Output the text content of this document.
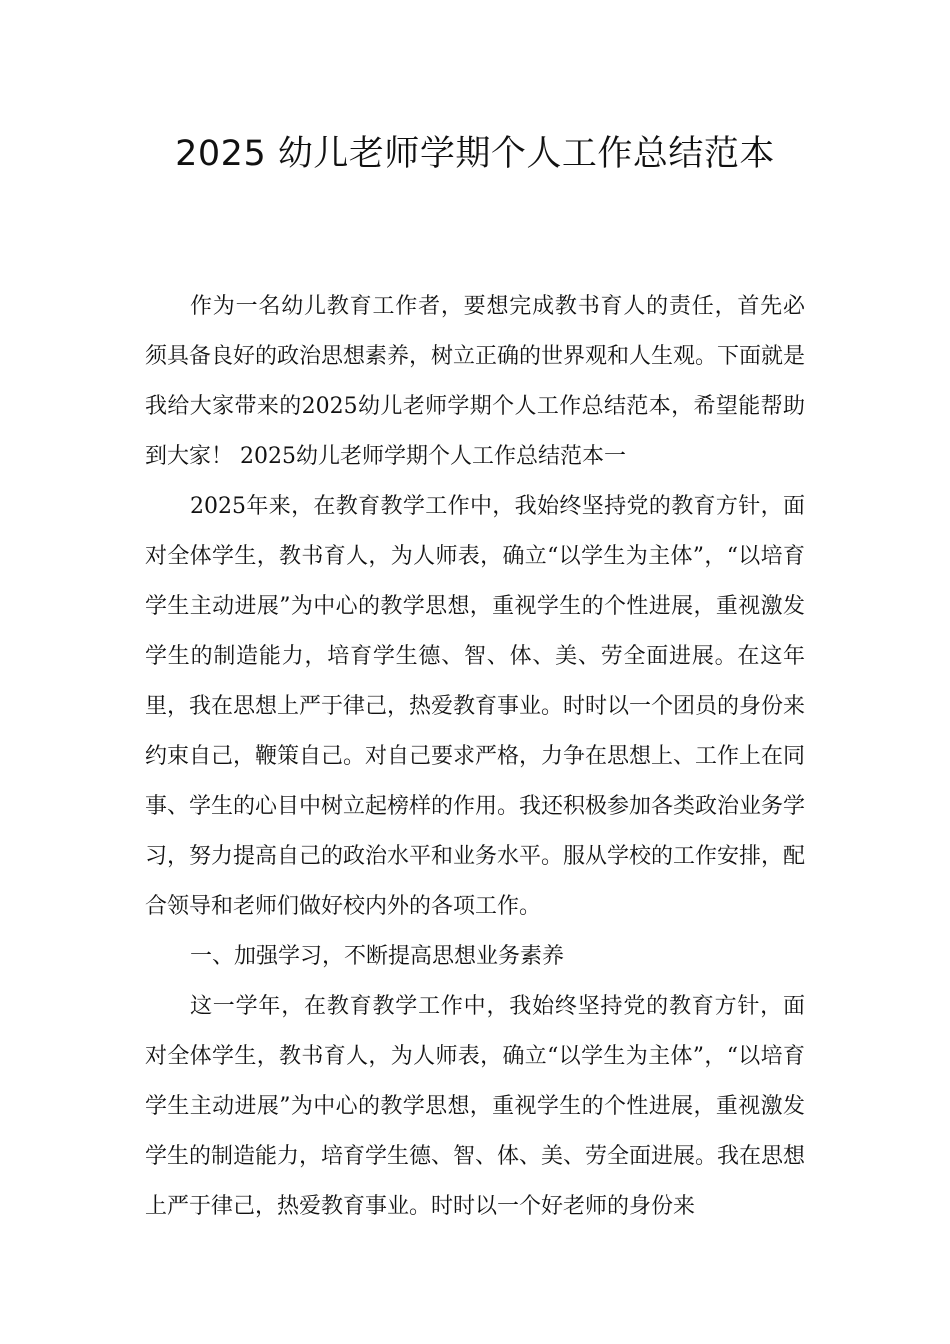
2025 幼儿老师学期个人工作总结范本

作为一名幼儿教育工作者，要想完成教书育人的责任，首先必须具备良好的政治思想素养，树立正确的世界观和人生观。下面就是我给大家带来的2025幼儿老师学期个人工作总结范本，希望能帮助到大家！ 2025幼儿老师学期个人工作总结范本一

2025年来，在教育教学工作中，我始终坚持党的教育方针，面对全体学生，教书育人，为人师表，确立“以学生为主体”，“以培育学生主动进展”为中心的教学思想，重视学生的个性进展，重视激发学生的制造能力，培育学生德、智、体、美、劳全面进展。在这年里，我在思想上严于律己，热爱教育事业。时时以一个团员的身份来约束自己，鞭策自己。对自己要求严格，力争在思想上、工作上在同事、学生的心目中树立起榜样的作用。我还积极参加各类政治业务学习，努力提高自己的政治水平和业务水平。服从学校的工作安排，配合领导和老师们做好校内外的各项工作。

一、加强学习，不断提高思想业务素养

这一学年，在教育教学工作中，我始终坚持党的教育方针，面对全体学生，教书育人，为人师表，确立“以学生为主体”，“以培育学生主动进展”为中心的教学思想，重视学生的个性进展，重视激发学生的制造能力，培育学生德、智、体、美、劳全面进展。我在思想上严于律己，热爱教育事业。时时以一个好老师的身份来
